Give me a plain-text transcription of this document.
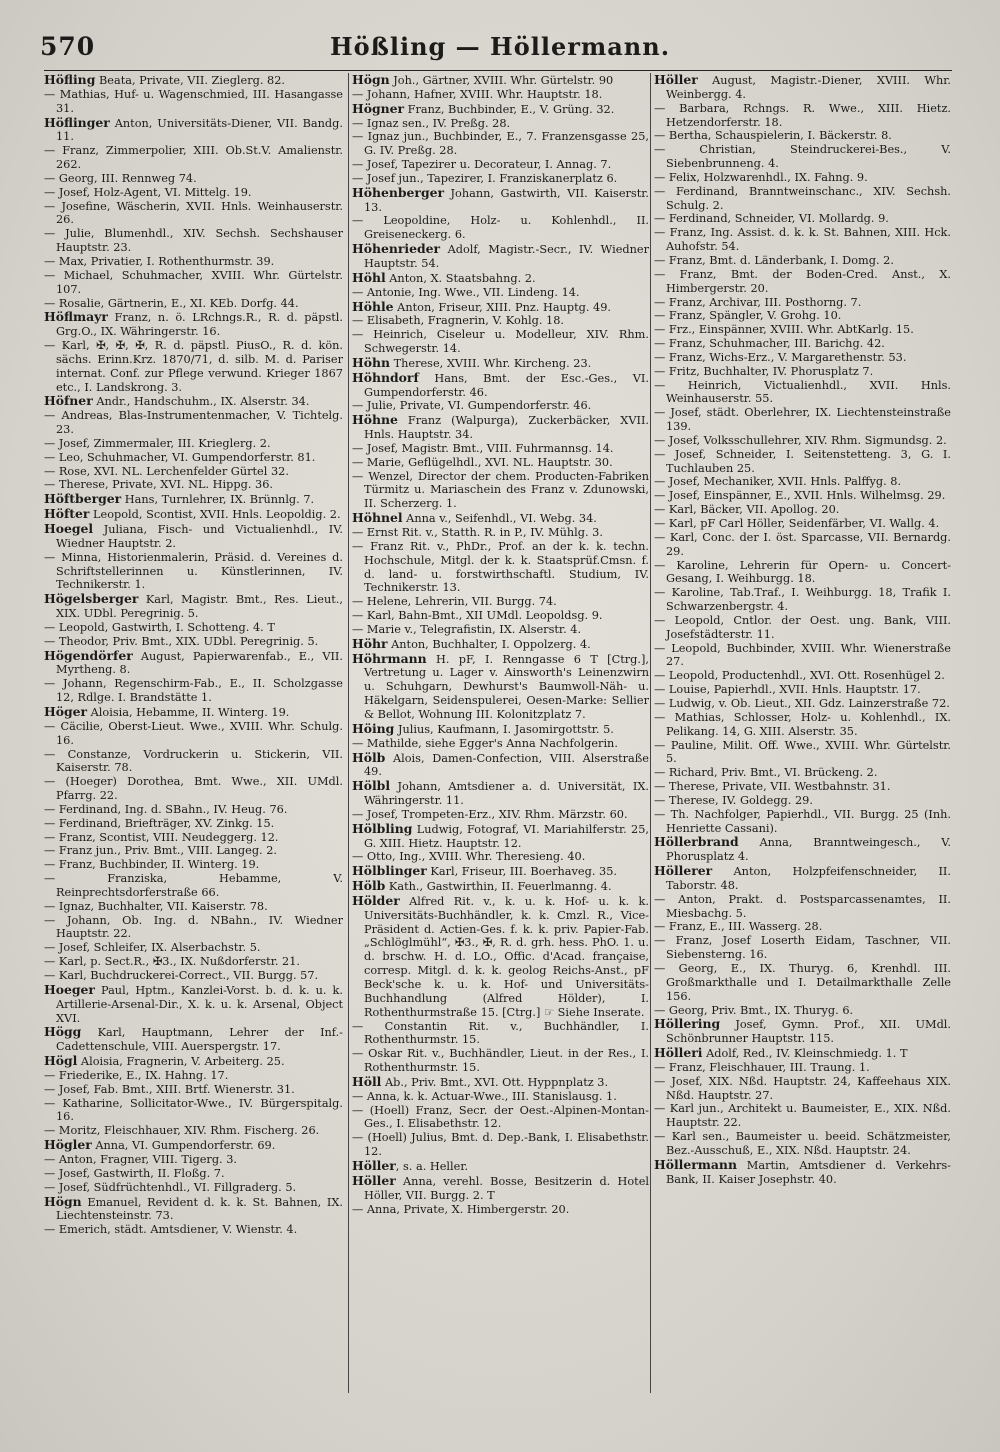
570	Hößling — Höllermann.

Höfling Beata, Private, VII. Zieglerg. 82.

— Mathias, Huf- u. Wagenschmied, III. Hasangasse 31.

Höflinger Anton, Universitäts-Diener, VII. Bandg. 11.

— Franz, Zimmerpolier, XIII. Ob.St.V. Amalienstr. 262.

— Georg, III. Rennweg 74.

— Josef, Holz-Agent, VI. Mittelg. 19.

— Josefine, Wäscherin, XVII. Hnls. Weinhauserstr. 26.

— Julie, Blumenhdl., XIV. Sechsh. Sechshauser Hauptstr. 23.

— Max, Privatier, I. Rothenthurmstr. 39.

— Michael, Schuhmacher, XVIII. Whr. Gürtelstr. 107.

— Rosalie, Gärtnerin, E., XI. KEb. Dorfg. 44.

Höflmayr Franz, n. ö. LRchngs.R., R. d. päpstl. Grg.O., IX. Währingerstr. 16.

— Karl, ✠, ✠, ✠, R. d. päpstl. PiusO., R. d. kön. sächs. Erinn.Krz. 1870/71, d. silb. M. d. Pariser internat. Conf. zur Pflege verwund. Krieger 1867 etc., I. Landskrong. 3.

Höfner Andr., Handschuhm., IX. Alserstr. 34.

— Andreas, Blas-Instrumentenmacher, V. Tichtelg. 23.

— Josef, Zimmermaler, III. Krieglerg. 2.

— Leo, Schuhmacher, VI. Gumpendorferstr. 81.

— Rose, XVI. NL. Lerchenfelder Gürtel 32.

— Therese, Private, XVI. NL. Hippg. 36.

Höftberger Hans, Turnlehrer, IX. Brünnlg. 7.

Höfter Leopold, Scontist, XVII. Hnls. Leopoldig. 2.

Hoegel Juliana, Fisch- und Victualienhdl., IV. Wiedner Hauptstr. 2.

— Minna, Historienmalerin, Präsid. d. Vereines d. Schriftstellerinnen u. Künstlerinnen, IV. Technikerstr. 1.

Högelsberger Karl, Magistr. Bmt., Res. Lieut., XIX. UDbl. Peregrinig. 5.

— Leopold, Gastwirth, I. Schotteng. 4. T

— Theodor, Priv. Bmt., XIX. UDbl. Peregrinig. 5.

Högendörfer August, Papierwarenfab., E., VII. Myrtheng. 8.

— Johann, Regenschirm-Fab., E., II. Scholzgasse 12, Rdlge. I. Brandstätte 1.

Höger Aloisia, Hebamme, II. Winterg. 19.

— Cäcilie, Oberst-Lieut. Wwe., XVIII. Whr. Schulg. 16.

— Constanze, Vordruckerin u. Stickerin, VII. Kaiserstr. 78.

— (Hoeger) Dorothea, Bmt. Wwe., XII. UMdl. Pfarrg. 22.

— Ferdinand, Ing. d. SBahn., IV. Heug. 76.

— Ferdinand, Briefträger, XV. Zinkg. 15.

— Franz, Scontist, VIII. Neudeggerg. 12.

— Franz jun., Priv. Bmt., VIII. Langeg. 2.

— Franz, Buchbinder, II. Winterg. 19.

— Franziska, Hebamme, V. Reinprechtsdorferstraße 66.

— Ignaz, Buchhalter, VII. Kaiserstr. 78.

— Johann, Ob. Ing. d. NBahn., IV. Wiedner Hauptstr. 22.

— Josef, Schleifer, IX. Alserbachstr. 5.

— Karl, p. Sect.R., ✠3., IX. Nußdorferstr. 21.

— Karl, Buchdruckerei-Correct., VII. Burgg. 57.

Hoeger Paul, Hptm., Kanzlei-Vorst. b. d. k. u. k. Artillerie-Arsenal-Dir., X. k. u. k. Arsenal, Object XVI.

Högg Karl, Hauptmann, Lehrer der Inf.-Cadettenschule, VIII. Auerspergstr. 17.

Högl Aloisia, Fragnerin, V. Arbeiterg. 25.

— Friederike, E., IX. Hahng. 17.

— Josef, Fab. Bmt., XIII. Brtf. Wienerstr. 31.

— Katharine, Sollicitator-Wwe., IV. Bürgerspitalg. 16.

— Moritz, Fleischhauer, XIV. Rhm. Fischerg. 26.

Högler Anna, VI. Gumpendorferstr. 69.

— Anton, Fragner, VIII. Tigerg. 3.

— Josef, Gastwirth, II. Floßg. 7.

— Josef, Südfrüchtenhdl., VI. Fillgraderg. 5.

Högn Emanuel, Revident d. k. k. St. Bahnen, IX. Liechtensteinstr. 73.

— Emerich, städt. Amtsdiener, V. Wienstr. 4.

Högn Joh., Gärtner, XVIII. Whr. Gürtelstr. 90

— Johann, Hafner, XVIII. Whr. Hauptstr. 18.

Högner Franz, Buchbinder, E., V. Grüng. 32.

— Ignaz sen., IV. Preßg. 28.

— Ignaz jun., Buchbinder, E., 7. Franzensgasse 25, G. IV. Preßg. 28.

— Josef, Tapezirer u. Decorateur, I. Annag. 7.

— Josef jun., Tapezirer, I. Franziskanerplatz 6.

Höhenberger Johann, Gastwirth, VII. Kaiserstr. 13.

— Leopoldine, Holz- u. Kohlenhdl., II. Greiseneckerg. 6.

Höhenrieder Adolf, Magistr.-Secr., IV. Wiedner Hauptstr. 54.

Höhl Anton, X. Staatsbahng. 2.

— Antonie, Ing. Wwe., VII. Lindeng. 14.

Höhle Anton, Friseur, XIII. Pnz. Hauptg. 49.

— Elisabeth, Fragnerin, V. Kohlg. 18.

— Heinrich, Ciseleur u. Modelleur, XIV. Rhm. Schwegerstr. 14.

Höhn Therese, XVIII. Whr. Kircheng. 23.

Höhndorf Hans, Bmt. der Esc.-Ges., VI. Gumpendorferstr. 46.

— Julie, Private, VI. Gumpendorferstr. 46.

Höhne Franz (Walpurga), Zuckerbäcker, XVII. Hnls. Hauptstr. 34.

— Josef, Magistr. Bmt., VIII. Fuhrmannsg. 14.

— Marie, Geflügelhdl., XVI. NL. Hauptstr. 30.

— Wenzel, Director der chem. Producten-Fabriken Türmitz u. Mariaschein des Franz v. Zdunowski, II. Scherzerg. 1.

Höhnel Anna v., Seifenhdl., VI. Webg. 34.

— Ernst Rit. v., Statth. R. in P., IV. Mühlg. 3.

— Franz Rit. v., PhDr., Prof. an der k. k. techn. Hochschule, Mitgl. der k. k. Staatsprüf.Cmsn. f. d. land- u. forstwirthschaftl. Studium, IV. Technikerstr. 13.

— Helene, Lehrerin, VII. Burgg. 74.

— Karl, Bahn-Bmt., XII UMdl. Leopoldsg. 9.

— Marie v., Telegrafistin, IX. Alserstr. 4.

Höhr Anton, Buchhalter, I. Oppolzerg. 4.

Höhrmann H. pF, I. Renngasse 6 T [Ctrg.], Vertretung u. Lager v. Ainsworth's Leinenzwirn u. Schuhgarn, Dewhurst's Baumwoll-Näh- u. Häkelgarn, Seidenspulerei, Oesen-Marke: Sellier & Bellot, Wohnung III. Kolonitzplatz 7.

Höing Julius, Kaufmann, I. Jasomirgottstr. 5.

— Mathilde, siehe Egger's Anna Nachfolgerin.

Hölb Alois, Damen-Confection, VIII. Alserstraße 49.

Hölbl Johann, Amtsdiener a. d. Universität, IX. Währingerstr. 11.

— Josef, Trompeten-Erz., XIV. Rhm. Märzstr. 60.

Hölbling Ludwig, Fotograf, VI. Mariahilferstr. 25, G. XIII. Hietz. Hauptstr. 12.

— Otto, Ing., XVIII. Whr. Theresieng. 40.

Hölblinger Karl, Friseur, III. Boerhaveg. 35.

Hölb Kath., Gastwirthin, II. Feuerlmanng. 4.

Hölder Alfred Rit. v., k. u. k. Hof- u. k. k. Universitäts-Buchhändler, k. k. Cmzl. R., Vice-Präsident d. Actien-Ges. f. k. k. priv. Papier-Fab. „Schlöglmühl“, ✠3., ✠, R. d. grh. hess. PhO. 1. u. d. brschw. H. d. LO., Offic. d'Acad. française, corresp. Mitgl. d. k. k. geolog Reichs-Anst., pF Beck'sche k. u. k. Hof- und Universitäts-Buchhandlung (Alfred Hölder), I. Rothenthurmstraße 15. [Ctrg.] ☞ Siehe Inserate.

— Constantin Rit. v., Buchhändler, I. Rothenthurmstr. 15.

— Oskar Rit. v., Buchhändler, Lieut. in der Res., I. Rothenthurmstr. 15.

Höll Ab., Priv. Bmt., XVI. Ott. Hyppnplatz 3.

— Anna, k. k. Actuar-Wwe., III. Stanislausg. 1.

— (Hoell) Franz, Secr. der Oest.-Alpinen-Montan-Ges., I. Elisabethstr. 12.

— (Hoell) Julius, Bmt. d. Dep.-Bank, I. Elisabethstr. 12.

Höller, s. a. Heller.

Höller Anna, verehl. Bosse, Besitzerin d. Hotel Höller, VII. Burgg. 2. T

— Anna, Private, X. Himbergerstr. 20.

Höller August, Magistr.-Diener, XVIII. Whr. Weinbergg. 4.

— Barbara, Rchngs. R. Wwe., XIII. Hietz. Hetzendorferstr. 18.

— Bertha, Schauspielerin, I. Bäckerstr. 8.

— Christian, Steindruckerei-Bes., V. Siebenbrunneng. 4.

— Felix, Holzwarenhdl., IX. Fahng. 9.

— Ferdinand, Branntweinschanc., XIV. Sechsh. Schulg. 2.

— Ferdinand, Schneider, VI. Mollardg. 9.

— Franz, Ing. Assist. d. k. k. St. Bahnen, XIII. Hck. Auhofstr. 54.

— Franz, Bmt. d. Länderbank, I. Domg. 2.

— Franz, Bmt. der Boden-Cred. Anst., X. Himbergerstr. 20.

— Franz, Archivar, III. Posthorng. 7.

— Franz, Spängler, V. Grohg. 10.

— Frz., Einspänner, XVIII. Whr. AbtKarlg. 15.

— Franz, Schuhmacher, III. Barichg. 42.

— Franz, Wichs-Erz., V. Margarethenstr. 53.

— Fritz, Buchhalter, IV. Phorusplatz 7.

— Heinrich, Victualienhdl., XVII. Hnls. Weinhauserstr. 55.

— Josef, städt. Oberlehrer, IX. Liechtensteinstraße 139.

— Josef, Volksschullehrer, XIV. Rhm. Sigmundsg. 2.

— Josef, Schneider, I. Seitenstetteng. 3, G. I. Tuchlauben 25.

— Josef, Mechaniker, XVII. Hnls. Palffyg. 8.

— Josef, Einspänner, E., XVII. Hnls. Wilhelmsg. 29.

— Karl, Bäcker, VII. Apollog. 20.

— Karl, pF Carl Höller, Seidenfärber, VI. Wallg. 4.

— Karl, Conc. der I. öst. Sparcasse, VII. Bernardg. 29.

— Karoline, Lehrerin für Opern- u. Concert-Gesang, I. Weihburgg. 18.

— Karoline, Tab.Traf., I. Weihburgg. 18, Trafik I. Schwarzenbergstr. 4.

— Leopold, Cntlor. der Oest. ung. Bank, VIII. Josefstädterstr. 11.

— Leopold, Buchbinder, XVIII. Whr. Wienerstraße 27.

— Leopold, Productenhdl., XVI. Ott. Rosenhügel 2.

— Louise, Papierhdl., XVII. Hnls. Hauptstr. 17.

— Ludwig, v. Ob. Lieut., XII. Gdz. Lainzerstraße 72.

— Mathias, Schlosser, Holz- u. Kohlenhdl., IX. Pelikang. 14, G. XIII. Alserstr. 35.

— Pauline, Milit. Off. Wwe., XVIII. Whr. Gürtelstr. 5.

— Richard, Priv. Bmt., VI. Brückeng. 2.

— Therese, Private, VII. Westbahnstr. 31.

— Therese, IV. Goldegg. 29.

— Th. Nachfolger, Papierhdl., VII. Burgg. 25 (Inh. Henriette Cassani).

Höllerbrand Anna, Branntweingesch., V. Phorusplatz 4.

Höllerer Anton, Holzpfeifenschneider, II. Taborstr. 48.

— Anton, Prakt. d. Postsparcassenamtes, II. Miesbachg. 5.

— Franz, E., III. Wasserg. 28.

— Franz, Josef Loserth Eidam, Taschner, VII. Siebensterng. 16.

— Georg, E., IX. Thuryg. 6, Krenhdl. III. Großmarkthalle und I. Detailmarkthalle Zelle 156.

— Georg, Priv. Bmt., IX. Thuryg. 6.

Höllering Josef, Gymn. Prof., XII. UMdl. Schönbrunner Hauptstr. 115.

Hölleri Adolf, Red., IV. Kleinschmiedg. 1. T

— Franz, Fleischhauer, III. Traung. 1.

— Josef, XIX. Nßd. Hauptstr. 24, Kaffeehaus XIX. Nßd. Hauptstr. 27.

— Karl jun., Architekt u. Baumeister, E., XIX. Nßd. Hauptstr. 22.

— Karl sen., Baumeister u. beeid. Schätzmeister, Bez.-Ausschuß, E., XIX. Nßd. Hauptstr. 24.

Höllermann Martin, Amtsdiener d. Verkehrs-Bank, II. Kaiser Josephstr. 40.
